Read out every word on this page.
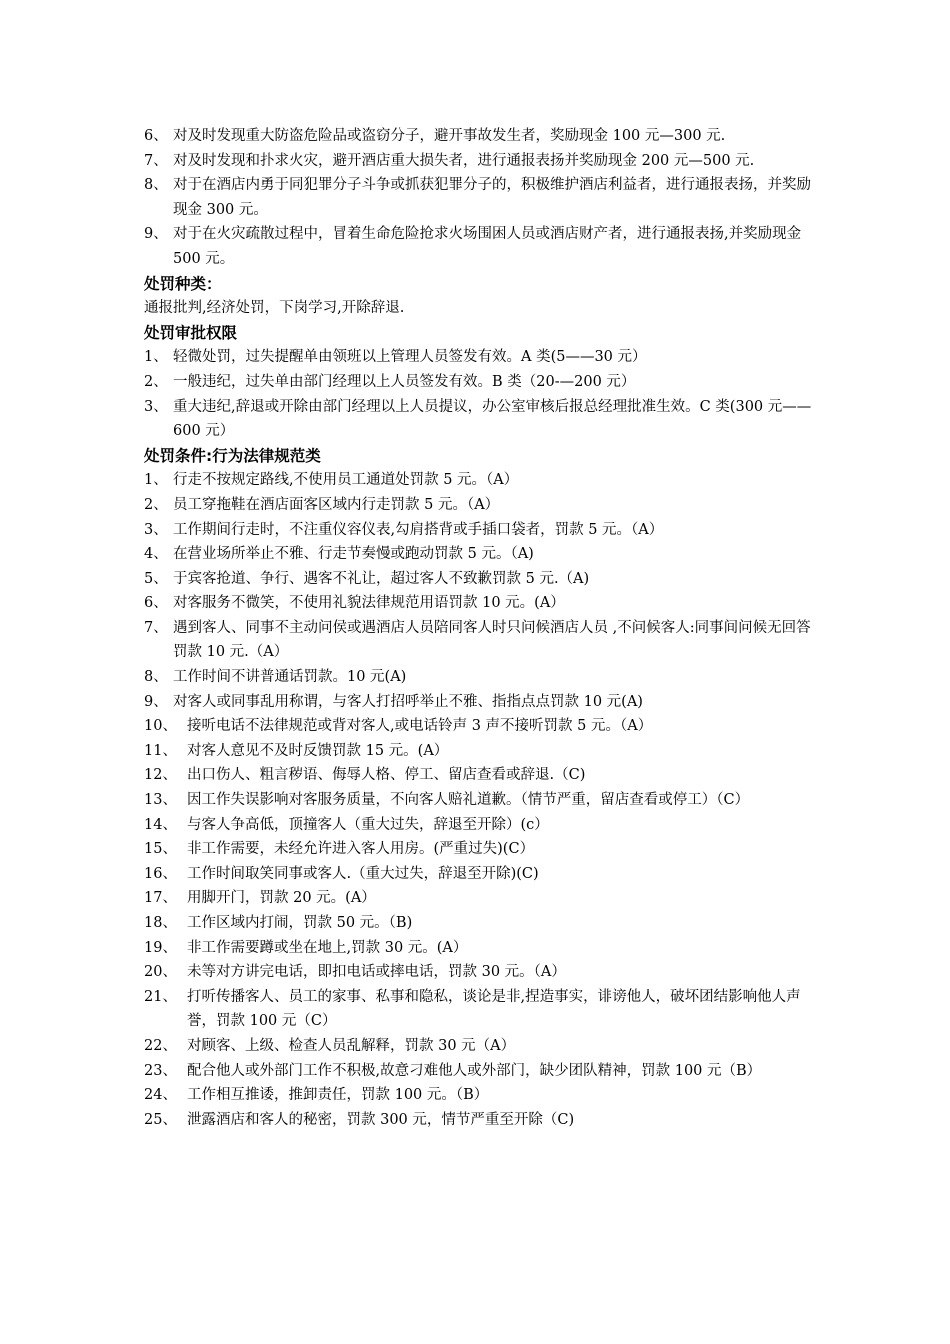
6、 对及时发现重大防盗危险品或盗窃分子，避开事故发生者，奖励现金 100 元—300 元.
7、 对及时发现和扑求火灾，避开酒店重大损失者，进行通报表扬并奖励现金 200 元—500 元.
8、 对于在酒店内勇于同犯罪分子斗争或抓获犯罪分子的，积极维护酒店利益者，进行通报表扬，并奖励现金 300 元。
9、 对于在火灾疏散过程中，冒着生命危险抢求火场围困人员或酒店财产者，进行通报表扬,并奖励现金 500 元。
处罚种类：
通报批判,经济处罚，下岗学习,开除辞退.
处罚审批权限
1、 轻微处罚，过失提醒单由领班以上管理人员签发有效。A 类(5——30 元）
2、 一般违纪，过失单由部门经理以上人员签发有效。B 类（20-—200 元）
3、 重大违纪,辞退或开除由部门经理以上人员提议，办公室审核后报总经理批准生效。C 类(300 元——600 元）
处罚条件:行为法律规范类
1、 行走不按规定路线,不使用员工通道处罚款 5 元。（A）
2、 员工穿拖鞋在酒店面客区域内行走罚款 5 元。（A）
3、 工作期间行走时，不注重仪容仪表,勾肩搭背或手插口袋者，罚款 5 元。（A）
4、 在营业场所举止不雅、行走节奏慢或跑动罚款 5 元。（A)
5、 于宾客抢道、争行、遇客不礼让，超过客人不致歉罚款 5 元.（A)
6、 对客服务不微笑，不使用礼貌法律规范用语罚款 10 元。(A）
7、 遇到客人、同事不主动问侯或遇酒店人员陪同客人时只问候酒店人员 ,不问候客人:同事间问候无回答罚款 10 元.（A）
8、 工作时间不讲普通话罚款。10 元(A)
9、 对客人或同事乱用称谓，与客人打招呼举止不雅、指指点点罚款 10 元(A)
10、 接听电话不法律规范或背对客人,或电话铃声 3 声不接听罚款 5 元。（A）
11、 对客人意见不及时反馈罚款 15 元。(A）
12、 出口伤人、粗言秽语、侮辱人格、停工、留店查看或辞退.（C)
13、 因工作失误影响对客服务质量，不向客人赔礼道歉。（情节严重，留店查看或停工）（C）
14、 与客人争高低，顶撞客人（重大过失，辞退至开除）(c）
15、 非工作需要，未经允许进入客人用房。(严重过失)(C）
16、 工作时间取笑同事或客人.（重大过失，辞退至开除)(C)
17、 用脚开门，罚款 20 元。(A）
18、 工作区域内打闹，罚款 50 元。（B)
19、 非工作需要蹲或坐在地上,罚款 30 元。(A）
20、 未等对方讲完电话，即扣电话或摔电话，罚款 30 元。（A）
21、 打听传播客人、员工的家事、私事和隐私，谈论是非,捏造事实，诽谤他人，破坏团结影响他人声誉，罚款 100 元（C）
22、 对顾客、上级、检查人员乱解释，罚款 30 元（A）
23、 配合他人或外部门工作不积极,故意刁难他人或外部门，缺少团队精神，罚款 100 元（B）
24、 工作相互推诿，推卸责任，罚款 100 元。（B）
25、 泄露酒店和客人的秘密，罚款 300 元，情节严重至开除（C)
